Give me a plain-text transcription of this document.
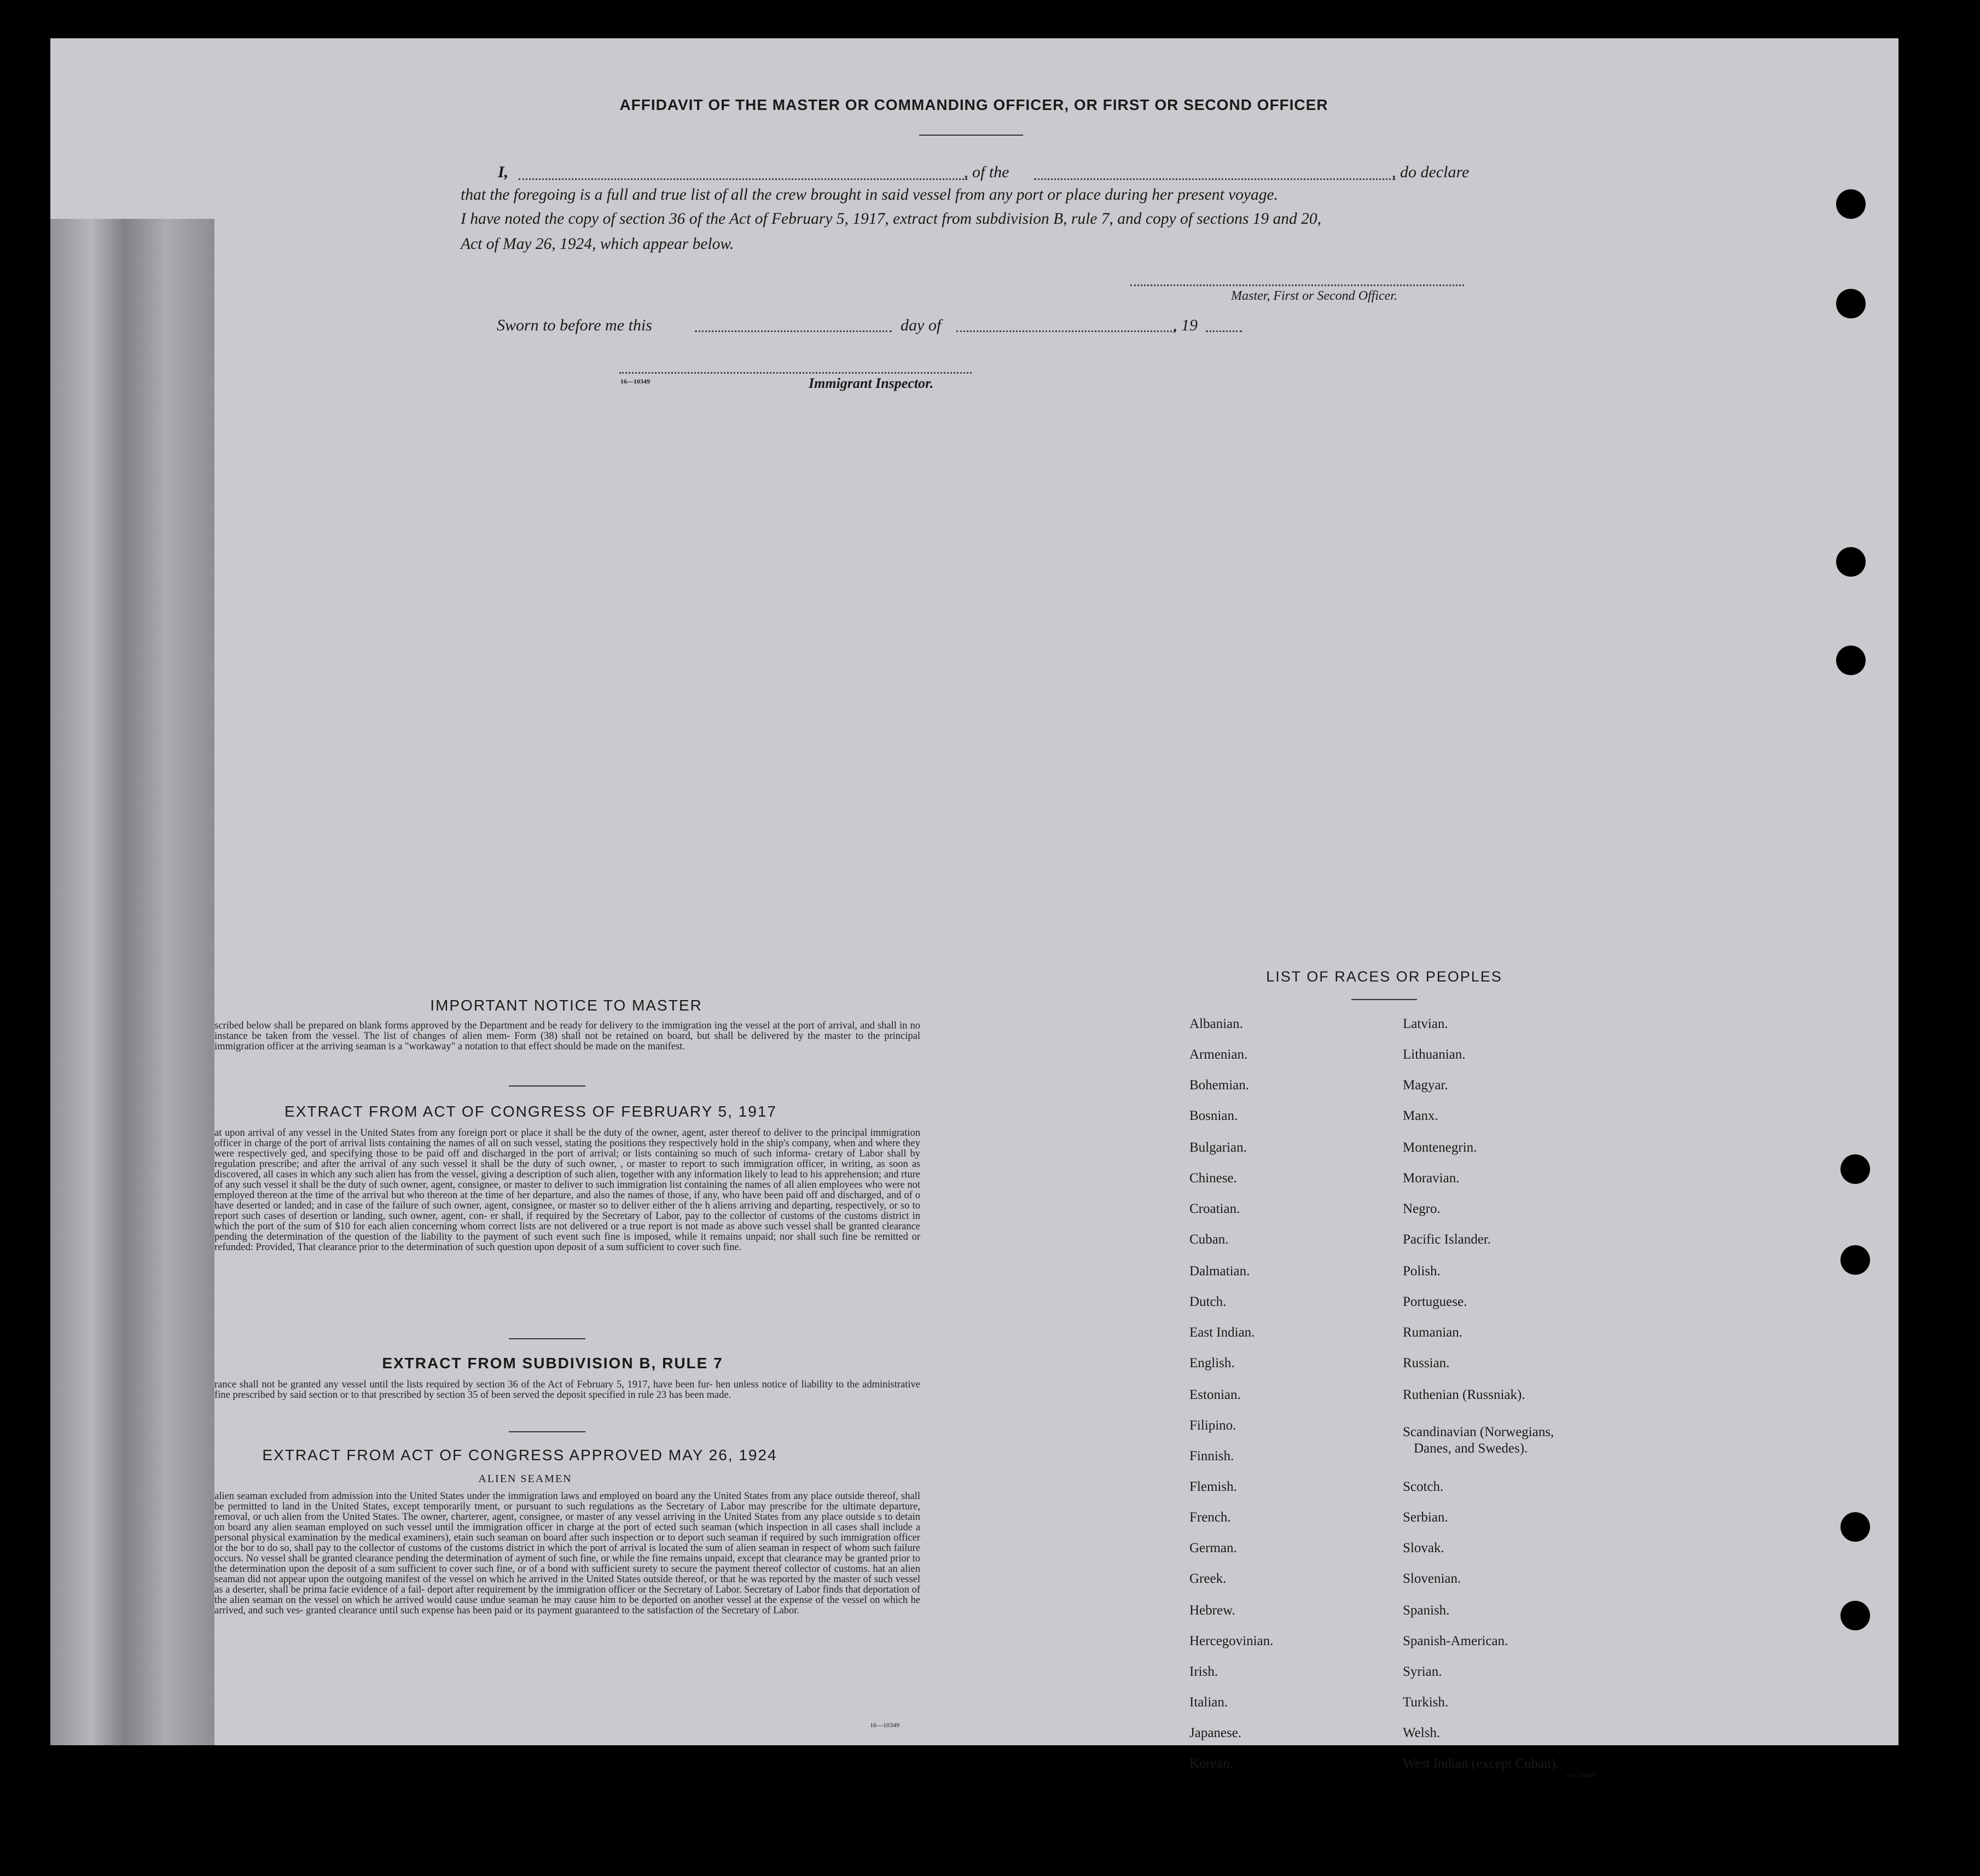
AFFIDAVIT OF THE MASTER OR COMMANDING OFFICER, OR FIRST OR SECOND OFFICER
I,	, of the	, do declare
that the foregoing is a full and true list of all the crew brought in said vessel from any port or place during her present voyage.
I have noted the copy of section 36 of the Act of February 5, 1917, extract from subdivision B, rule 7, and copy of sections 19 and 20,
Act of May 26, 1924, which appear below.
Master, First or Second Officer.
Sworn to before me this	day of	, 19
16—10349	Immigrant Inspector.
IMPORTANT NOTICE TO MASTER
scribed below shall be prepared on blank forms approved by the Department and be ready for delivery to the immigration ing the vessel at the port of arrival, and shall in no instance be taken from the vessel. The list of changes of alien mem- Form (38) shall not be retained on board, but shall be delivered by the master to the principal immigration officer at the arriving seaman is a "workaway" a notation to that effect should be made on the manifest.
EXTRACT FROM ACT OF CONGRESS OF FEBRUARY 5, 1917
at upon arrival of any vessel in the United States from any foreign port or place it shall be the duty of the owner, agent, aster thereof to deliver to the principal immigration officer in charge of the port of arrival lists containing the names of all on such vessel, stating the positions they respectively hold in the ship's company, when and where they were respectively ged, and specifying those to be paid off and discharged in the port of arrival; or lists containing so much of such informa- cretary of Labor shall by regulation prescribe; and after the arrival of any such vessel it shall be the duty of such owner, , or master to report to such immigration officer, in writing, as soon as discovered, all cases in which any such alien has from the vessel, giving a description of such alien, together with any information likely to lead to his apprehension; and rture of any such vessel it shall be the duty of such owner, agent, consignee, or master to deliver to such immigration list containing the names of all alien employees who were not employed thereon at the time of the arrival but who thereon at the time of her departure, and also the names of those, if any, who have been paid off and discharged, and of o have deserted or landed; and in case of the failure of such owner, agent, consignee, or master so to deliver either of the h aliens arriving and departing, respectively, or so to report such cases of desertion or landing, such owner, agent, con- er shall, if required by the Secretary of Labor, pay to the collector of customs of the customs district in which the port of the sum of $10 for each alien concerning whom correct lists are not delivered or a true report is not made as above such vessel shall be granted clearance pending the determination of the question of the liability to the payment of such event such fine is imposed, while it remains unpaid; nor shall such fine be remitted or refunded: Provided, That clearance prior to the determination of such question upon deposit of a sum sufficient to cover such fine.
EXTRACT FROM SUBDIVISION B, RULE 7
rance shall not be granted any vessel until the lists required by section 36 of the Act of February 5, 1917, have been fur- hen unless notice of liability to the administrative fine prescribed by said section or to that prescribed by section 35 of been served the deposit specified in rule 23 has been made.
EXTRACT FROM ACT OF CONGRESS APPROVED MAY 26, 1924
ALIEN SEAMEN
alien seaman excluded from admission into the United States under the immigration laws and employed on board any the United States from any place outside thereof, shall be permitted to land in the United States, except temporarily tment, or pursuant to such regulations as the Secretary of Labor may prescribe for the ultimate departure, removal, or uch alien from the United States. The owner, charterer, agent, consignee, or master of any vessel arriving in the United States from any place outside s to detain on board any alien seaman employed on such vessel until the immigration officer in charge at the port of ected such seaman (which inspection in all cases shall include a personal physical examination by the medical examiners), etain such seaman on board after such inspection or to deport such seaman if required by such immigration officer or the bor to do so, shall pay to the collector of customs of the customs district in which the port of arrival is located the sum of alien seaman in respect of whom such failure occurs. No vessel shall be granted clearance pending the determination of ayment of such fine, or while the fine remains unpaid, except that clearance may be granted prior to the determination upon the deposit of a sum sufficient to cover such fine, or of a bond with sufficient surety to secure the payment thereof collector of customs. hat an alien seaman did not appear upon the outgoing manifest of the vessel on which he arrived in the United States outside thereof, or that he was reported by the master of such vessel as a deserter, shall be prima facie evidence of a fail- deport after requirement by the immigration officer or the Secretary of Labor. Secretary of Labor finds that deportation of the alien seaman on the vessel on which he arrived would cause undue seaman he may cause him to be deported on another vessel at the expense of the vessel on which he arrived, and such ves- granted clearance until such expense has been paid or its payment guaranteed to the satisfaction of the Secretary of Labor.
16—10349
LIST OF RACES OR PEOPLES
Albanian.
Armenian.
Bohemian.
Bosnian.
Bulgarian.
Chinese.
Croatian.
Cuban.
Dalmatian.
Dutch.
East Indian.
English.
Estonian.
Filipino.
Finnish.
Flemish.
French.
German.
Greek.
Hebrew.
Hercegovinian.
Irish.
Italian.
Japanese.
Korean.
Latvian.
Lithuanian.
Magyar.
Manx.
Montenegrin.
Moravian.
Negro.
Pacific Islander.
Polish.
Portuguese.
Rumanian.
Russian.
Ruthenian (Russniak).
Scandinavian (Norwegians,
Danes, and Swedes).
Scotch.
Serbian.
Slovak.
Slovenian.
Spanish.
Spanish-American.
Syrian.
Turkish.
Welsh.
West Indian (except Cuban).
16—10349
